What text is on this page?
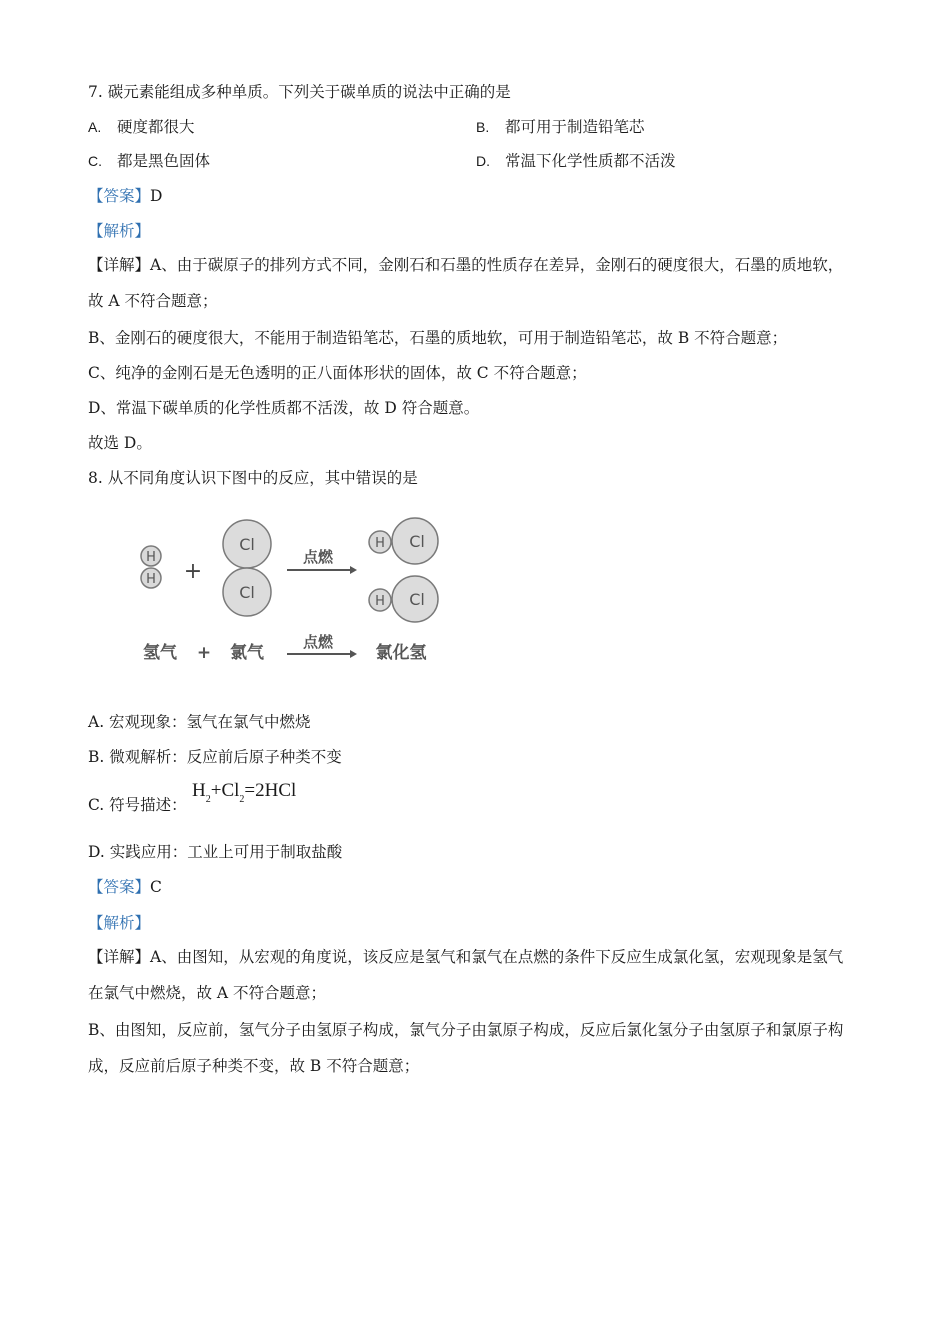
7. 碳元素能组成多种单质。下列关于碳单质的说法中正确的是
A. 硬度都很大	B. 都可用于制造铅笔芯
C. 都是黑色固体	D. 常温下化学性质都不活泼
【答案】D
【解析】
【详解】A、由于碳原子的排列方式不同，金刚石和石墨的性质存在差异，金刚石的硬度很大，石墨的质地软，故 A 不符合题意；
B、金刚石的硬度很大，不能用于制造铅笔芯，石墨的质地软，可用于制造铅笔芯，故 B 不符合题意；
C、纯净的金刚石是无色透明的正八面体形状的固体，故 C 不符合题意；
D、常温下碳单质的化学性质都不活泼，故 D 符合题意。
故选 D。
8. 从不同角度认识下图中的反应，其中错误的是
H
H +
Cl
Cl
点燃
H Cl
H Cl
氢气 + 氯气
点燃
氯化氢
A. 宏观现象：氢气在氯气中燃烧
B. 微观解析：反应前后原子种类不变
C. 符号描述：
$H_2+Cl_2=2HCl$
D. 实践应用：工业上可用于制取盐酸
【答案】C
【解析】
【详解】A、由图知，从宏观的角度说，该反应是氢气和氯气在点燃的条件下反应生成氯化氢，宏观现象是氢气在氯气中燃烧，故 A 不符合题意；
B、由图知，反应前，氢气分子由氢原子构成，氯气分子由氯原子构成，反应后氯化氢分子由氢原子和氯原子构成，反应前后原子种类不变，故 B 不符合题意；
